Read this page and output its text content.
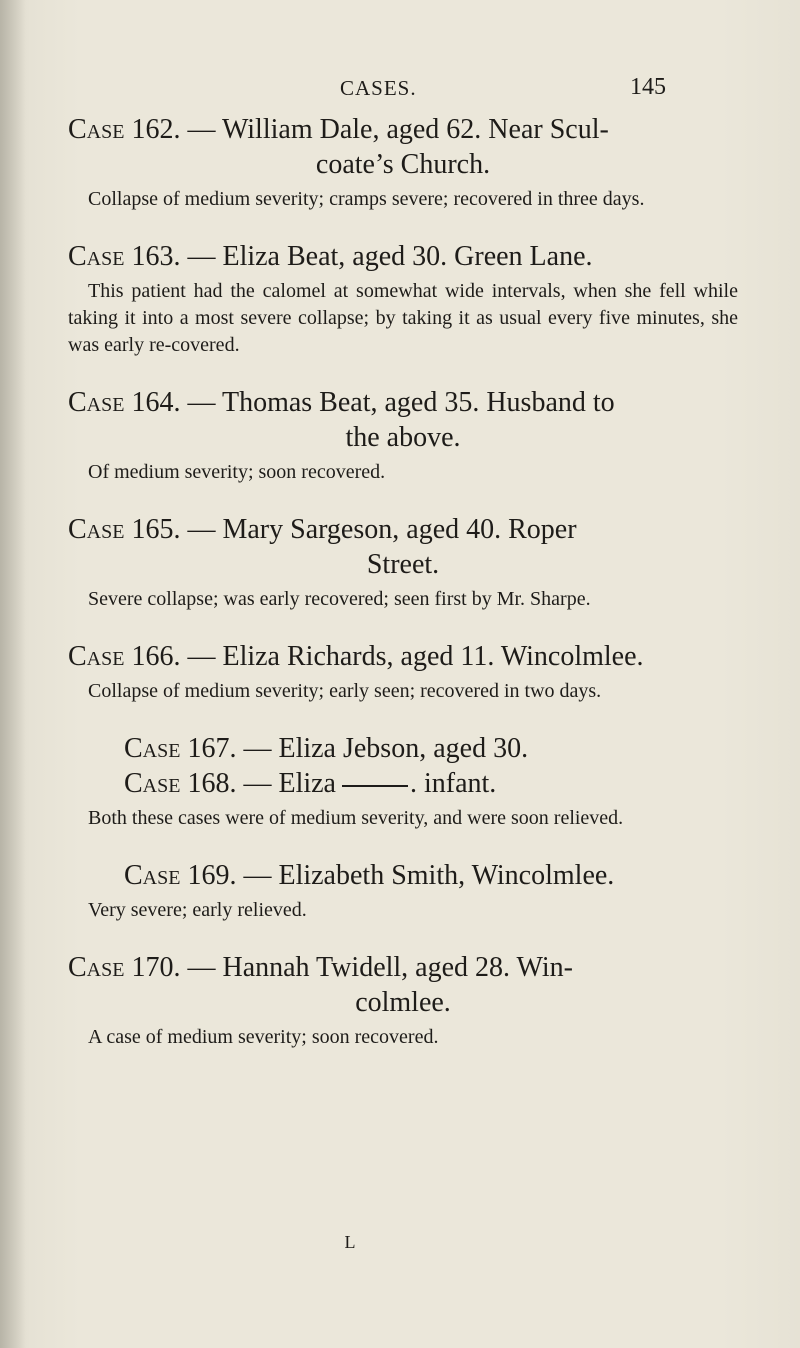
CASES.	145

Case 162. — William Dale, aged 62. Near Scul-

coate’s Church.

Collapse of medium severity; cramps severe; recovered in three days.

Case 163. — Eliza Beat, aged 30. Green Lane.

This patient had the calomel at somewhat wide intervals, when she fell while taking it into a most severe collapse; by taking it as usual every five minutes, she was early re-covered.

Case 164. — Thomas Beat, aged 35. Husband to

the above.

Of medium severity; soon recovered.

Case 165. — Mary Sargeson, aged 40. Roper

Street.

Severe collapse; was early recovered; seen first by Mr. Sharpe.

Case 166. — Eliza Richards, aged 11. Wincolmlee.

Collapse of medium severity; early seen; recovered in two days.

Case 167. — Eliza Jebson, aged 30.

Case 168. — Eliza	. infant.

Both these cases were of medium severity, and were soon relieved.

Case 169. — Elizabeth Smith, Wincolmlee.

Very severe; early relieved.

Case 170. — Hannah Twidell, aged 28. Win-

colmlee.

A case of medium severity; soon recovered.

L
